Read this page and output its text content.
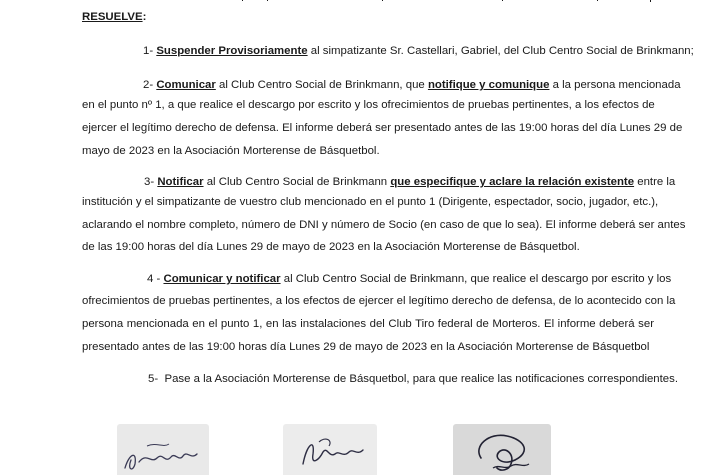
RESUELVE:
1- Suspender Provisoriamente al simpatizante Sr. Castellari, Gabriel, del Club Centro Social de Brinkmann;
2- Comunicar al Club Centro Social de Brinkmann, que notifique y comunique a la persona mencionada
en el punto nº 1, a que realice el descargo por escrito y los ofrecimientos de pruebas pertinentes, a los efectos de
ejercer el legítimo derecho de defensa. El informe deberá ser presentado antes de las 19:00 horas del día Lunes 29 de
mayo de 2023 en la Asociación Morterense de Básquetbol.
3- Notificar al Club Centro Social de Brinkmann que especifique y aclare la relación existente entre la
institución y el simpatizante de vuestro club mencionado en el punto 1 (Dirigente, espectador, socio, jugador, etc.),
aclarando el nombre completo, número de DNI y número de Socio (en caso de que lo sea). El informe deberá ser antes
de las 19:00 horas del día Lunes 29 de mayo de 2023 en la Asociación Morterense de Básquetbol.
4 - Comunicar y notificar al Club Centro Social de Brinkmann, que realice el descargo por escrito y los
ofrecimientos de pruebas pertinentes, a los efectos de ejercer el legítimo derecho de defensa, de lo acontecido con la
persona mencionada en el punto 1, en las instalaciones del Club Tiro federal de Morteros. El informe deberá ser
presentado antes de las 19:00 horas día Lunes 29 de mayo de 2023 en la Asociación Morterense de Básquetbol
5- Pase a la Asociación Morterense de Básquetbol, para que realice las notificaciones correspondientes.
